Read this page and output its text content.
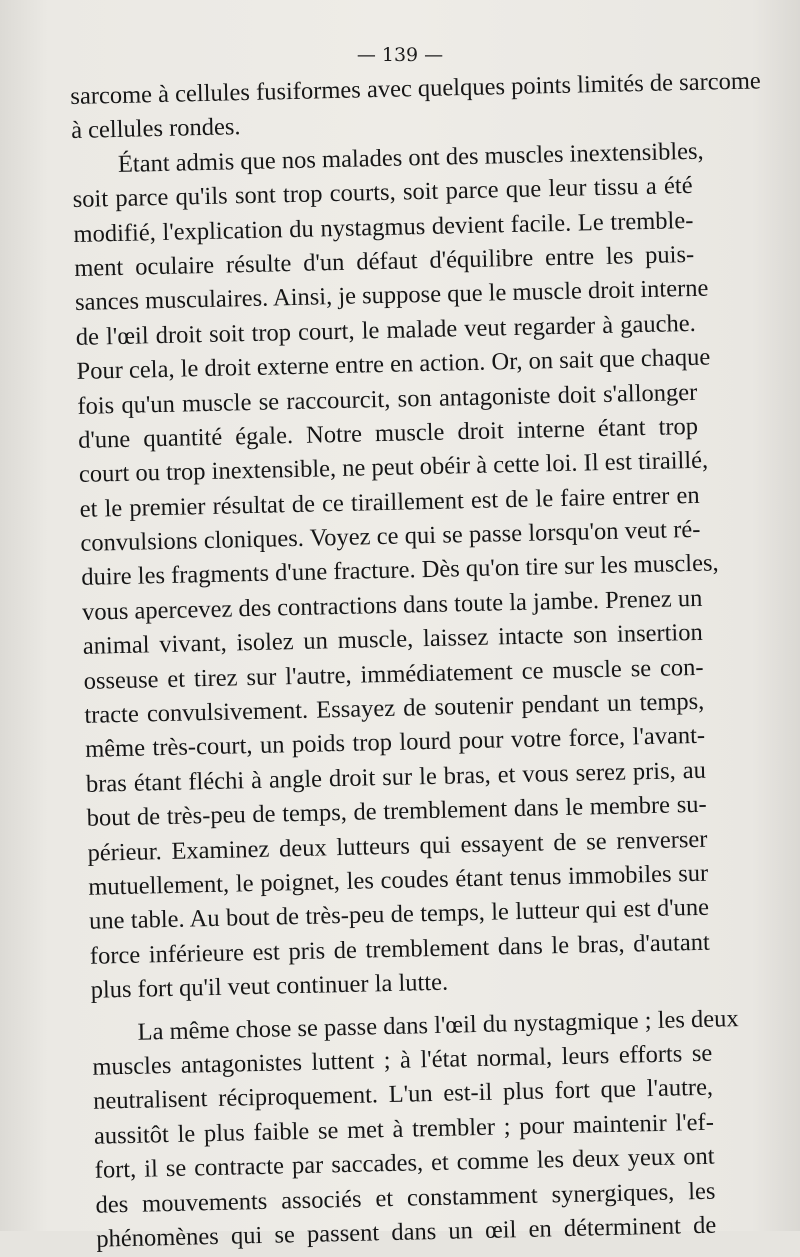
— 139 —

sarcome à cellules fusiformes avec quelques points limités de sarcome
à cellules rondes.
Étant admis que nos malades ont des muscles inextensibles,
soit parce qu'ils sont trop courts, soit parce que leur tissu a été
modifié, l'explication du nystagmus devient facile. Le tremble-
ment oculaire résulte d'un défaut d'équilibre entre les puis-
sances musculaires. Ainsi, je suppose que le muscle droit interne
de l'œil droit soit trop court, le malade veut regarder à gauche.
Pour cela, le droit externe entre en action. Or, on sait que chaque
fois qu'un muscle se raccourcit, son antagoniste doit s'allonger
d'une quantité égale. Notre muscle droit interne étant trop
court ou trop inextensible, ne peut obéir à cette loi. Il est tiraillé,
et le premier résultat de ce tiraillement est de le faire entrer en
convulsions cloniques. Voyez ce qui se passe lorsqu'on veut ré-
duire les fragments d'une fracture. Dès qu'on tire sur les muscles,
vous apercevez des contractions dans toute la jambe. Prenez un
animal vivant, isolez un muscle, laissez intacte son insertion
osseuse et tirez sur l'autre, immédiatement ce muscle se con-
tracte convulsivement. Essayez de soutenir pendant un temps,
même très-court, un poids trop lourd pour votre force, l'avant-
bras étant fléchi à angle droit sur le bras, et vous serez pris, au
bout de très-peu de temps, de tremblement dans le membre su-
périeur. Examinez deux lutteurs qui essayent de se renverser
mutuellement, le poignet, les coudes étant tenus immobiles sur
une table. Au bout de très-peu de temps, le lutteur qui est d'une
force inférieure est pris de tremblement dans le bras, d'autant
plus fort qu'il veut continuer la lutte.
La même chose se passe dans l'œil du nystagmique ; les deux
muscles antagonistes luttent ; à l'état normal, leurs efforts se
neutralisent réciproquement. L'un est-il plus fort que l'autre,
aussitôt le plus faible se met à trembler ; pour maintenir l'ef-
fort, il se contracte par saccades, et comme les deux yeux ont
des mouvements associés et constamment synergiques, les
phénomènes qui se passent dans un œil en déterminent de
